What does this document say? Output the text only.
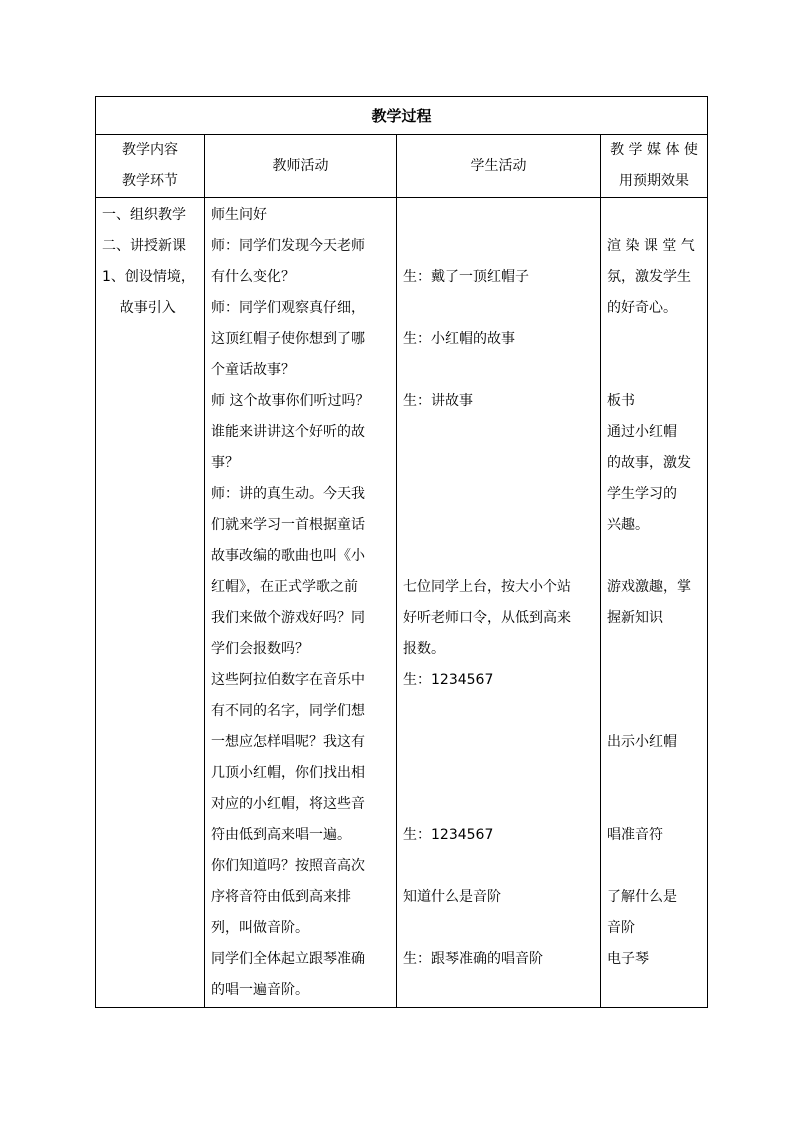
教学过程
教学内容
教学环节
教师活动	学生活动
教 学 媒 体 使
用预期效果
一、组织教学
二、讲授新课
1、创设情境，
故事引入
师生问好
师：同学们发现今天老师
有什么变化？
师：同学们观察真仔细，
这顶红帽子使你想到了哪
个童话故事？
师 这个故事你们听过吗？
谁能来讲讲这个好听的故
事？
师：讲的真生动。今天我
们就来学习一首根据童话
故事改编的歌曲也叫《小
红帽》，在正式学歌之前
我们来做个游戏好吗？同
学们会报数吗？
这些阿拉伯数字在音乐中
有不同的名字，同学们想
一想应怎样唱呢？我这有
几顶小红帽，你们找出相
对应的小红帽，将这些音
符由低到高来唱一遍。
你们知道吗？按照音高次
序将音符由低到高来排
列，叫做音阶。
同学们全体起立跟琴准确
的唱一遍音阶。
生：戴了一顶红帽子
生：小红帽的故事
生：讲故事
七位同学上台，按大小个站
好听老师口令，从低到高来
报数。
生：1234567
生：1234567
知道什么是音阶
生：跟琴准确的唱音阶
渲 染 课 堂 气
氛，激发学生
的好奇心。
板书
通过小红帽
的故事，激发
学生学习的
兴趣。
游戏激趣，掌
握新知识
出示小红帽
唱准音符
了解什么是
音阶
电子琴
